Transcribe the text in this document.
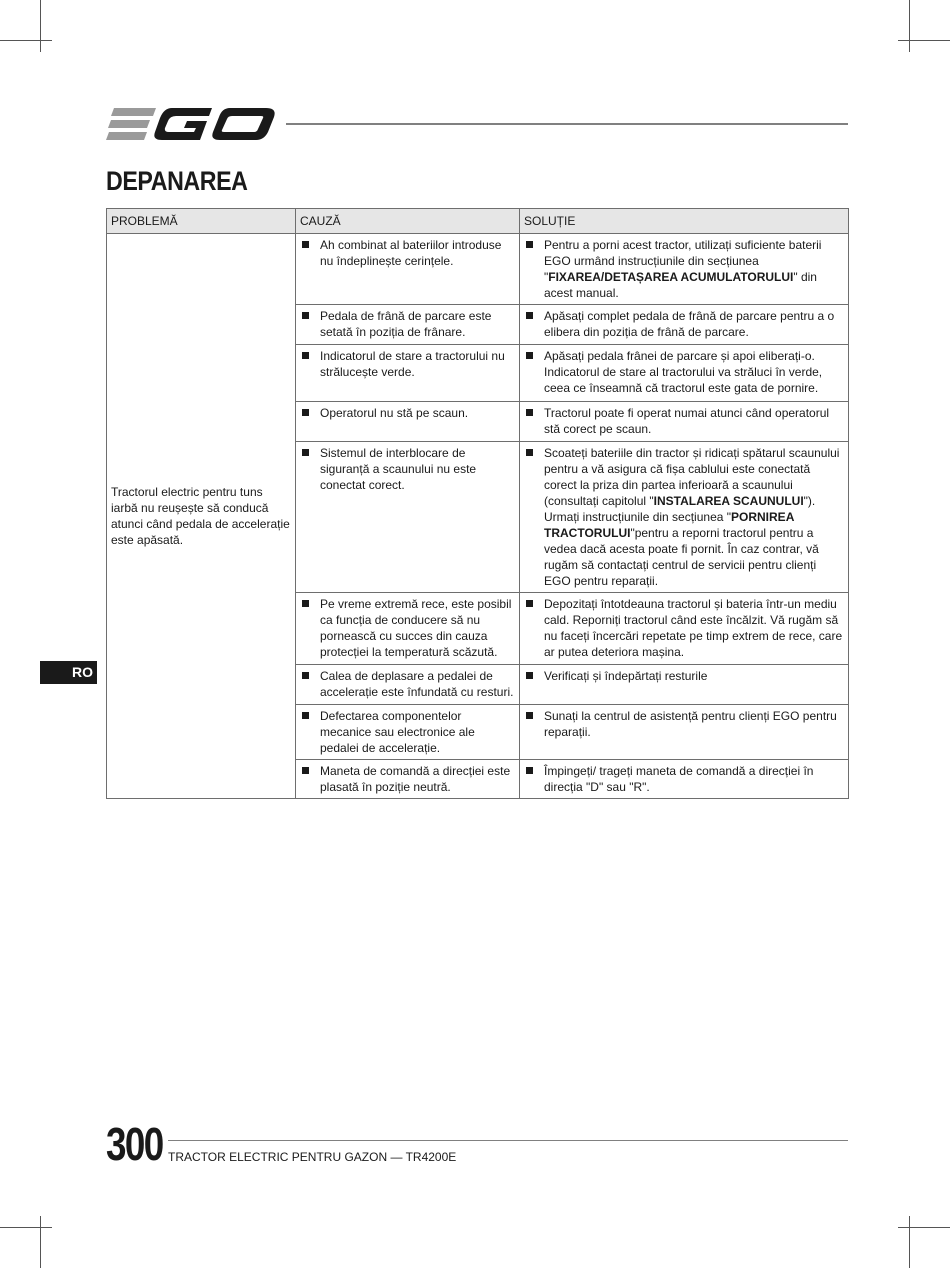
DEPANAREA
PROBLEMĂ	CAUZĂ	SOLUȚIE
Tractorul electric pentru tuns iarbă nu reușește să conducă atunci când pedala de accelerație este apăsată.	Ah combinat al bateriilor introduse nu îndeplinește cerințele.	Pentru a porni acest tractor, utilizați suficiente baterii EGO urmând instrucțiunile din secțiunea "FIXAREA/DETAȘAREA ACUMULATORULUI" din acest manual.

Pedala de frână de parcare este setată în poziția de frânare.	Apăsați complet pedala de frână de parcare pentru a o elibera din poziția de frână de parcare.

Indicatorul de stare a tractorului nu strălucește verde.	Apăsați pedala frânei de parcare și apoi eliberați-o. Indicatorul de stare al tractorului va străluci în verde, ceea ce înseamnă că tractorul este gata de pornire.

Operatorul nu stă pe scaun.	Tractorul poate fi operat numai atunci când operatorul stă corect pe scaun.

Sistemul de interblocare de siguranță a scaunului nu este conectat corect.	Scoateți bateriile din tractor și ridicați spătarul scaunului pentru a vă asigura că fișa cablului este conectată corect la priza din partea inferioară a scaunului (consultați capitolul "INSTALAREA SCAUNULUI"). Urmați instrucțiunile din secțiunea "PORNIREA TRACTORULUI"pentru a reporni tractorul pentru a vedea dacă acesta poate fi pornit. În caz contrar, vă rugăm să contactați centrul de servicii pentru clienți EGO pentru reparații.

Pe vreme extremă rece, este posibil ca funcția de conducere să nu pornească cu succes din cauza protecției la temperatură scăzută.	Depozitați întotdeauna tractorul și bateria într-un mediu cald. Reporniți tractorul când este încălzit. Vă rugăm să nu faceți încercări repetate pe timp extrem de rece, care ar putea deteriora mașina.

Calea de deplasare a pedalei de accelerație este înfundată cu resturi.	Verificați și îndepărtați resturile

Defectarea componentelor mecanice sau electronice ale pedalei de accelerație.	Sunați la centrul de asistență pentru clienți EGO pentru reparații.

Maneta de comandă a direcției este plasată în poziție neutră.	Împingeți/ trageți maneta de comandă a direcției în direcția "D" sau "R".
RO
300 TRACTOR ELECTRIC PENTRU GAZON — TR4200E
